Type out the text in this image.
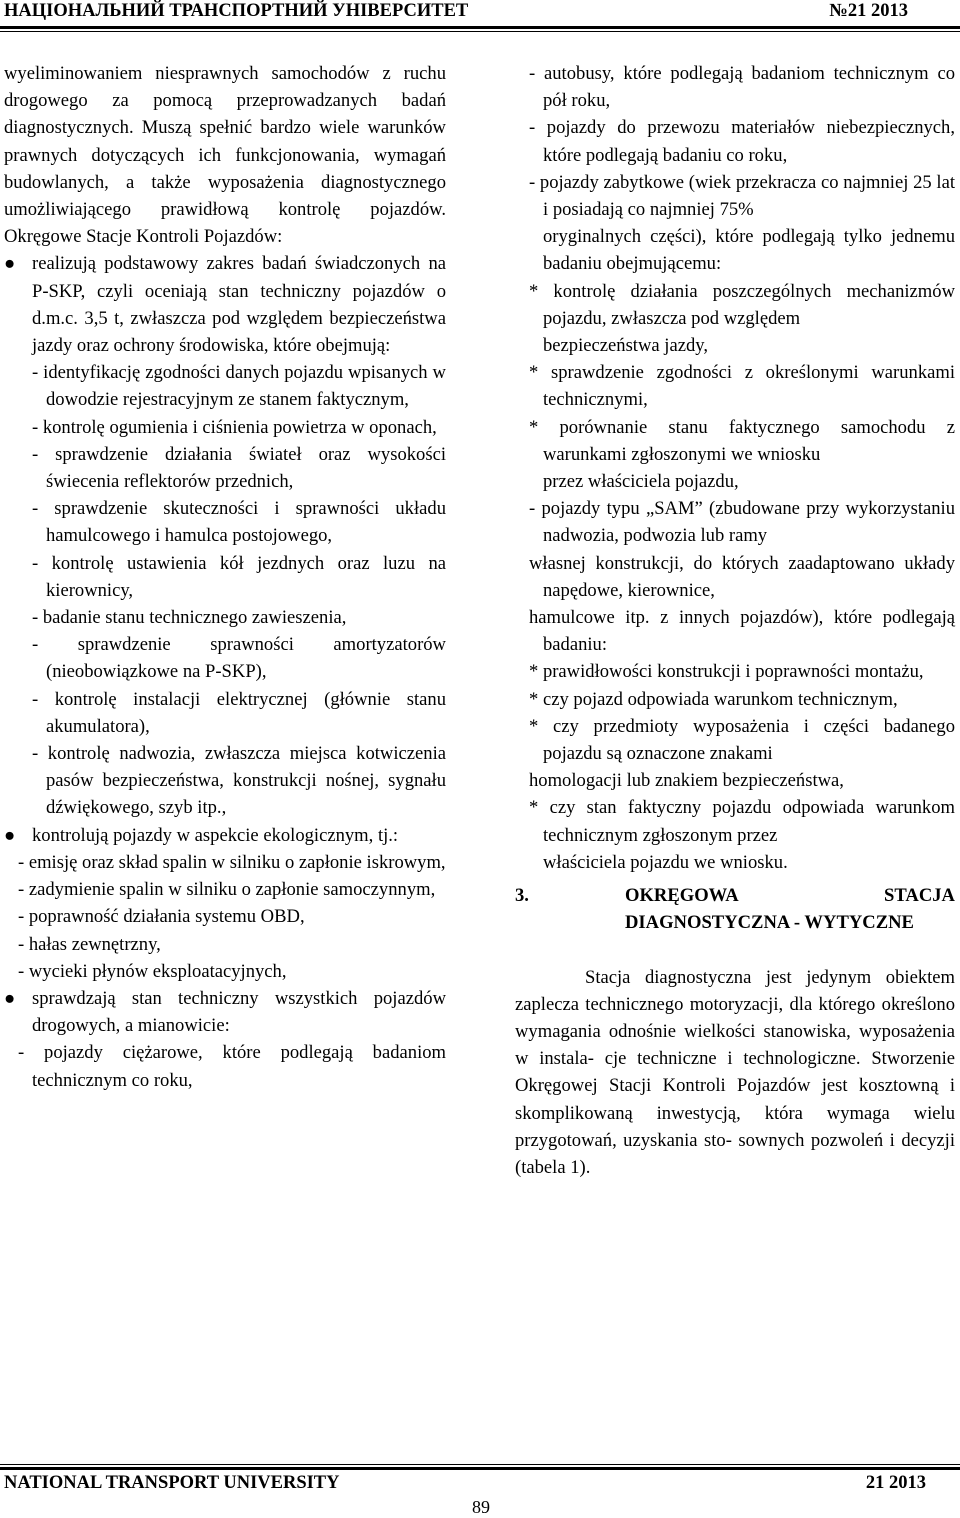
НАЦІОНАЛЬНИЙ ТРАНСПОРТНИЙ УНІВЕРСИТЕТ	№21 2013

wyeliminowaniem niesprawnych samochodów z ruchu drogowego za pomocą przeprowadzanych badań diagnostycznych. Muszą spełnić bardzo wiele warunków prawnych dotyczących ich funkcjonowania, wymagań budowlanych, a także wyposażenia diagnostycznego umożliwiającego prawidłową kontrolę pojazdów. Okręgowe Stacje Kontroli Pojazdów:

● realizują podstawowy zakres badań świadczonych na P-SKP, czyli oceniają stan techniczny pojazdów o d.m.c. 3,5 t, zwłaszcza pod względem bezpieczeństwa jazdy oraz ochrony środowiska, które obejmują:

- identyfikację zgodności danych pojazdu wpisanych w dowodzie rejestracyjnym ze stanem faktycznym,

- kontrolę ogumienia i ciśnienia powietrza w oponach,

- sprawdzenie działania świateł oraz wysokości świecenia reflektorów przednich,

- sprawdzenie skuteczności i sprawności układu hamulcowego i hamulca postojowego,

- kontrolę ustawienia kół jezdnych oraz luzu na kierownicy,

- badanie stanu technicznego zawieszenia,

- sprawdzenie sprawności amortyzatorów (nieobowiązkowe na P-SKP),

- kontrolę instalacji elektrycznej (głównie stanu akumulatora),

- kontrolę nadwozia, zwłaszcza miejsca kotwiczenia pasów bezpieczeństwa, konstrukcji nośnej, sygnału dźwiękowego, szyb itp.,

● kontrolują pojazdy w aspekcie ekologicznym, tj.:

- emisję oraz skład spalin w silniku o zapłonie iskrowym,

- zadymienie spalin w silniku o zapłonie samoczynnym,

- poprawność działania systemu OBD,

- hałas zewnętrzny,

- wycieki płynów eksploatacyjnych,

● sprawdzają stan techniczny wszystkich pojazdów drogowych, a mianowicie:

- pojazdy ciężarowe, które podlegają badaniom technicznym co roku,

- autobusy, które podlegają badaniom technicznym co pół roku,

- pojazdy do przewozu materiałów niebezpiecznych, które podlegają badaniu co roku,

- pojazdy zabytkowe (wiek przekracza co najmniej 25 lat i posiadają co najmniej 75%

oryginalnych części), które podlegają tylko jednemu badaniu obejmującemu:

* kontrolę działania poszczególnych mechanizmów pojazdu, zwłaszcza pod względem

bezpieczeństwa jazdy,

* sprawdzenie zgodności z określonymi warunkami technicznymi,

* porównanie stanu faktycznego samochodu z warunkami zgłoszonymi we wniosku

przez właściciela pojazdu,

- pojazdy typu „SAM” (zbudowane przy wykorzystaniu nadwozia, podwozia lub ramy

własnej konstrukcji, do których zaadaptowano układy napędowe, kierownice,

hamulcowe itp. z innych pojazdów), które podlegają badaniu:

* prawidłowości konstrukcji i poprawności montażu,

* czy pojazd odpowiada warunkom technicznym,

* czy przedmioty wyposażenia i części badanego pojazdu są oznaczone znakami

homologacji lub znakiem bezpieczeństwa,

* czy stan faktyczny pojazdu odpowiada warunkom technicznym zgłoszonym przez

właściciela pojazdu we wniosku.

3.	OKRĘGOWA STACJA DIAGNOSTYCZNA - WYTYCZNE

Stacja diagnostyczna jest jedynym obiektem zaplecza technicznego motoryzacji, dla którego określono wymagania odnośnie wielkości stanowiska, wyposażenia w instala- cje techniczne i technologiczne. Stworzenie Okręgowej Stacji Kontroli Pojazdów jest kosztowną i skomplikowaną inwestycją, która wymaga wielu przygotowań, uzyskania sto- sownych pozwoleń i decyzji (tabela 1).

NATIONAL TRANSPORT UNIVERSITY	21 2013
89
